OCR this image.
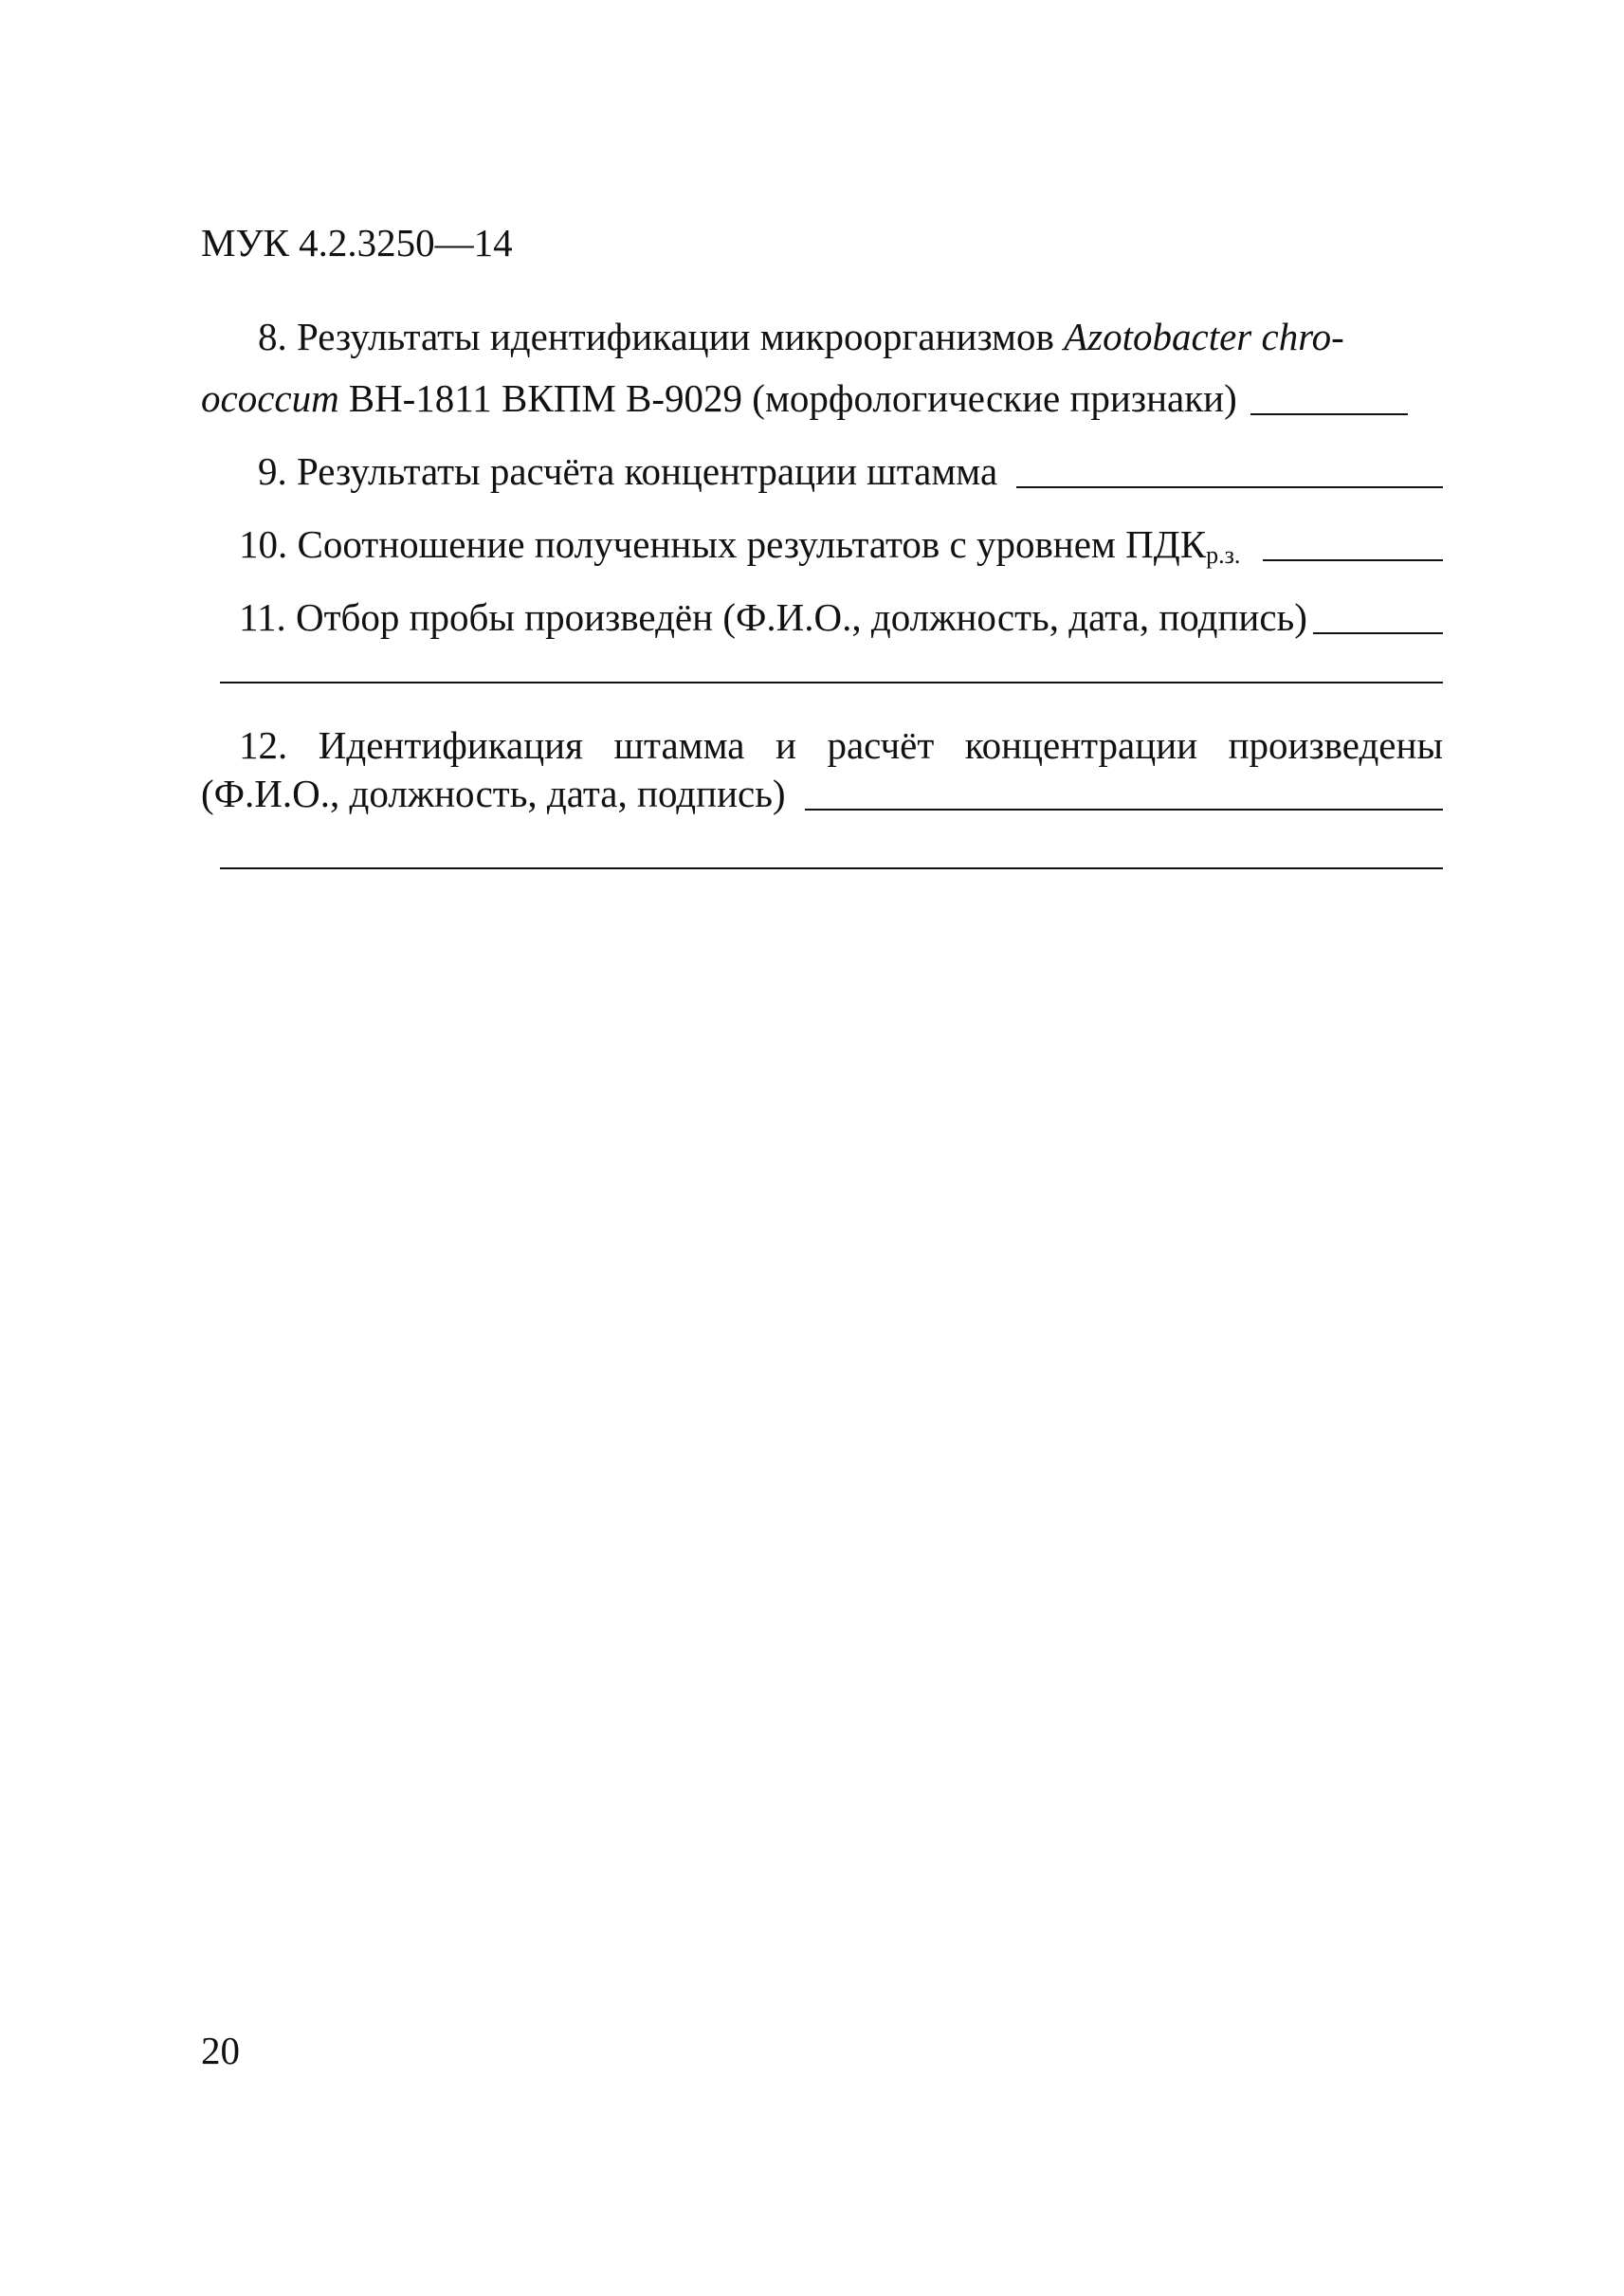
МУК 4.2.3250—14
8. Результаты идентификации микроорганизмов Azotobacter chro-
ococcum ВН-1811 ВКПМ В-9029 (морфологические признаки)
9. Результаты расчёта концентрации штамма
10. Соотношение полученных результатов с уровнем $ПДК_{р.з.}$
11. Отбор пробы произведён (Ф.И.О., должность, дата, подпись)
12. Идентификация штамма и расчёт концентрации произведены
(Ф.И.О., должность, дата, подпись)
20
